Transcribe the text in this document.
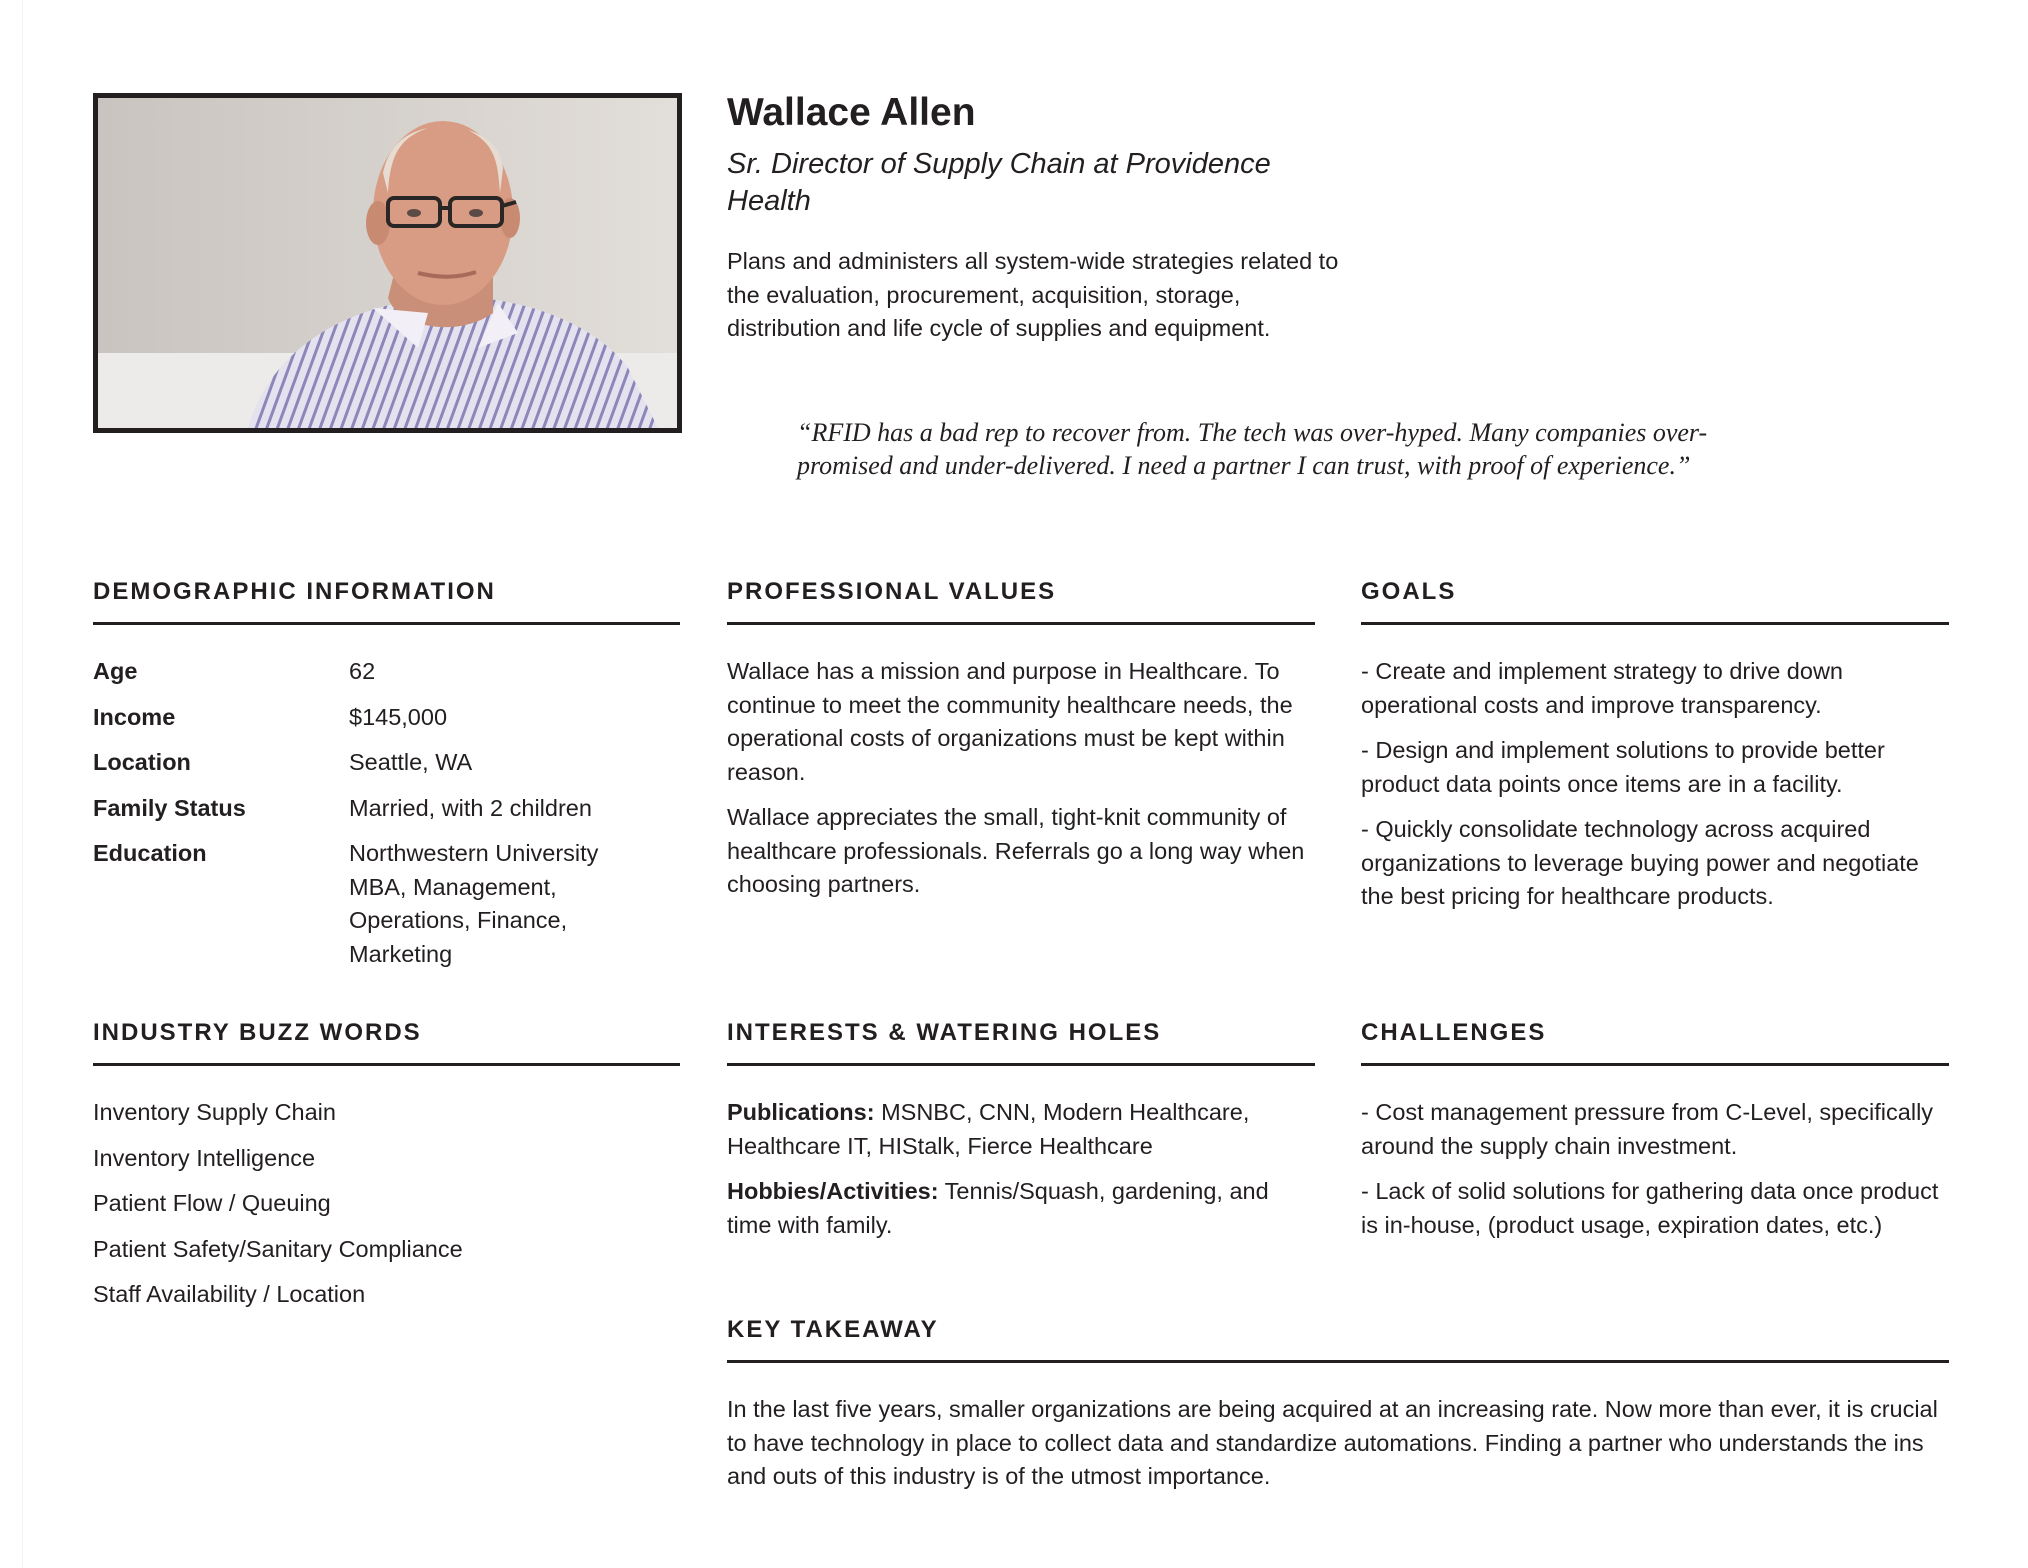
Wallace Allen

Sr. Director of Supply Chain at Providence Health

Plans and administers all system-wide strategies related to the evaluation, procurement, acquisition, storage, distribution and life cycle of supplies and equipment.

“RFID has a bad rep to recover from. The tech was over-hyped. Many companies over-promised and under-delivered. I need a partner I can trust, with proof of experience.”

DEMOGRAPHIC INFORMATION
Age	62
Income	$145,000
Location	Seattle, WA
Family Status	Married, with 2 children
Education	Northwestern University MBA, Management, Operations, Finance, Marketing
PROFESSIONAL VALUES

Wallace has a mission and purpose in Healthcare. To continue to meet the community healthcare needs, the operational costs of organizations must be kept within reason.

Wallace appreciates the small, tight-knit community of healthcare professionals. Referrals go a long way when choosing partners.

GOALS

- Create and implement strategy to drive down operational costs and improve transparency.

- Design and implement solutions to provide better product data points once items are in a facility.

- Quickly consolidate technology across acquired organizations to leverage buying power and negotiate the best pricing for healthcare products.

INDUSTRY BUZZ WORDS
Inventory Supply Chain
Inventory Intelligence
Patient Flow / Queuing
Patient Safety/Sanitary Compliance
Staff Availability / Location
INTERESTS & WATERING HOLES

Publications: MSNBC, CNN, Modern Healthcare, Healthcare IT, HIStalk, Fierce Healthcare

Hobbies/Activities: Tennis/Squash, gardening, and time with family.

CHALLENGES

- Cost management pressure from C-Level, specifically around the supply chain investment.

- Lack of solid solutions for gathering data once product is in-house, (product usage, expiration dates, etc.)

KEY TAKEAWAY

In the last five years, smaller organizations are being acquired at an increasing rate. Now more than ever, it is crucial to have technology in place to collect data and standardize automations. Finding a partner who understands the ins and outs of this industry is of the utmost importance.
